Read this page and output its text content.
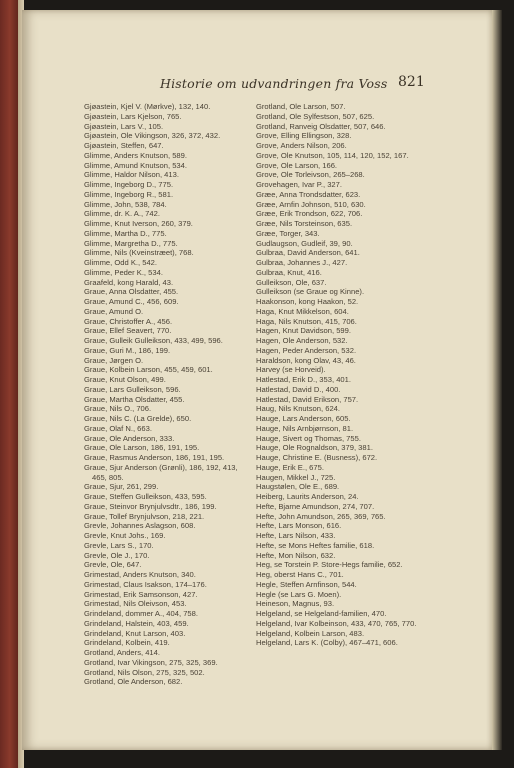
Historie om udvandringen fra Voss 821

Gjøastein, Kjel V. (Mørkve), 132, 140.

Gjøastein, Lars Kjelson, 765.

Gjøastein, Lars V., 105.

Gjøastein, Ole Vikingson, 326, 372, 432.

Gjøastein, Steffen, 647.

Glimme, Anders Knutson, 589.

Glimme, Amund Knutson, 534.

Glimme, Haldor Nilson, 413.

Glimme, Ingeborg D., 775.

Glimme, Ingeborg R., 581.

Glimme, John, 538, 784.

Glimme, dr. K. A., 742.

Glimme, Knut Iverson, 260, 379.

Glimme, Martha D., 775.

Glimme, Margretha D., 775.

Glimme, Nils (Kveinstræet), 768.

Glimme, Odd K., 542.

Glimme, Peder K., 534.

Graafeld, kong Harald, 43.

Graue, Anna Olsdatter, 455.

Graue, Amund C., 456, 609.

Graue, Amund O.

Graue, Christoffer A., 456.

Graue, Ellef Seavert, 770.

Graue, Gulleik Gulleikson, 433, 499, 596.

Graue, Guri M., 186, 199.

Graue, Jørgen O.

Graue, Kolbein Larson, 455, 459, 601.

Graue, Knut Olson, 499.

Graue, Lars Gulleikson, 596.

Graue, Martha Olsdatter, 455.

Graue, Nils O., 706.

Graue, Nils C. (La Grelde), 650.

Graue, Olaf N., 663.

Graue, Ole Anderson, 333.

Graue, Ole Larson, 186, 191, 195.

Graue, Rasmus Anderson, 186, 191, 195.

Graue, Sjur Anderson (Grønli), 186, 192, 413, 465, 805.

Graue, Sjur, 261, 299.

Graue, Steffen Gulleikson, 433, 595.

Graue, Steinvor Brynjulvsdtr., 186, 199.

Graue, Tollef Brynjulvson, 218, 221.

Grevle, Johannes Aslagson, 608.

Grevle, Knut Johs., 169.

Grevle, Lars S., 170.

Grevle, Ole J., 170.

Grevle, Ole, 647.

Grimestad, Anders Knutson, 340.

Grimestad, Claus Isakson, 174–176.

Grimestad, Erik Samsonson, 427.

Grimestad, Nils Oleivson, 453.

Grindeland, dommer A., 404, 758.

Grindeland, Halstein, 403, 459.

Grindeland, Knut Larson, 403.

Grindeland, Kolbein, 419.

Grotland, Anders, 414.

Grotland, Ivar Vikingson, 275, 325, 369.

Grotland, Nils Olson, 275, 325, 502.

Grotland, Ole Anderson, 682.

Grotland, Ole Larson, 507.

Grotland, Ole Sylfestson, 507, 625.

Grotland, Ranveig Olsdatter, 507, 646.

Grove, Elling Ellingson, 328.

Grove, Anders Nilson, 206.

Grove, Ole Knutson, 105, 114, 120, 152, 167.

Grove, Ole Larson, 166.

Grove, Ole Torleivson, 265–268.

Grovehagen, Ivar P., 327.

Græe, Anna Trondsdatter, 623.

Græe, Arnfin Johnson, 510, 630.

Græe, Erik Trondson, 622, 706.

Græe, Nils Torsteinson, 635.

Græe, Torger, 343.

Gudlaugson, Gudleif, 39, 90.

Gulbraa, David Anderson, 641.

Gulbraa, Johannes J., 427.

Gulbraa, Knut, 416.

Gulleikson, Ole, 637.

Gulleikson (se Graue og Kinne).

Haakonson, kong Haakon, 52.

Haga, Knut Mikkelson, 604.

Haga, Nils Knutson, 415, 706.

Hagen, Knut Davidson, 599.

Hagen, Ole Anderson, 532.

Hagen, Peder Anderson, 532.

Haraldson, kong Olav, 43, 46.

Harvey (se Horveid).

Hatlestad, Erik D., 353, 401.

Hatlestad, David D., 400.

Hatlestad, David Erikson, 757.

Haug, Nils Knutson, 624.

Hauge, Lars Anderson, 605.

Hauge, Nils Arnbjørnson, 81.

Hauge, Sivert og Thomas, 755.

Hauge, Ole Rognaldson, 379, 381.

Hauge, Christine E. (Busness), 672.

Hauge, Erik E., 675.

Haugen, Mikkel J., 725.

Haugstølen, Ole E., 689.

Heiberg, Laurits Anderson, 24.

Hefte, Bjarne Amundson, 274, 707.

Hefte, John Amundson, 265, 369, 765.

Hefte, Lars Monson, 616.

Hefte, Lars Nilson, 433.

Hefte, se Mons Heftes familie, 618.

Hefte, Mon Nilson, 632.

Heg, se Torstein P. Store-Hegs familie, 652.

Heg, oberst Hans C., 701.

Hegle, Steffen Arnfinson, 544.

Hegle (se Lars G. Moen).

Heineson, Magnus, 93.

Helgeland, se Helgeland-familien, 470.

Helgeland, Ivar Kolbeinson, 433, 470, 765, 770.

Helgeland, Kolbein Larson, 483.

Helgeland, Lars K. (Colby), 467–471, 606.
